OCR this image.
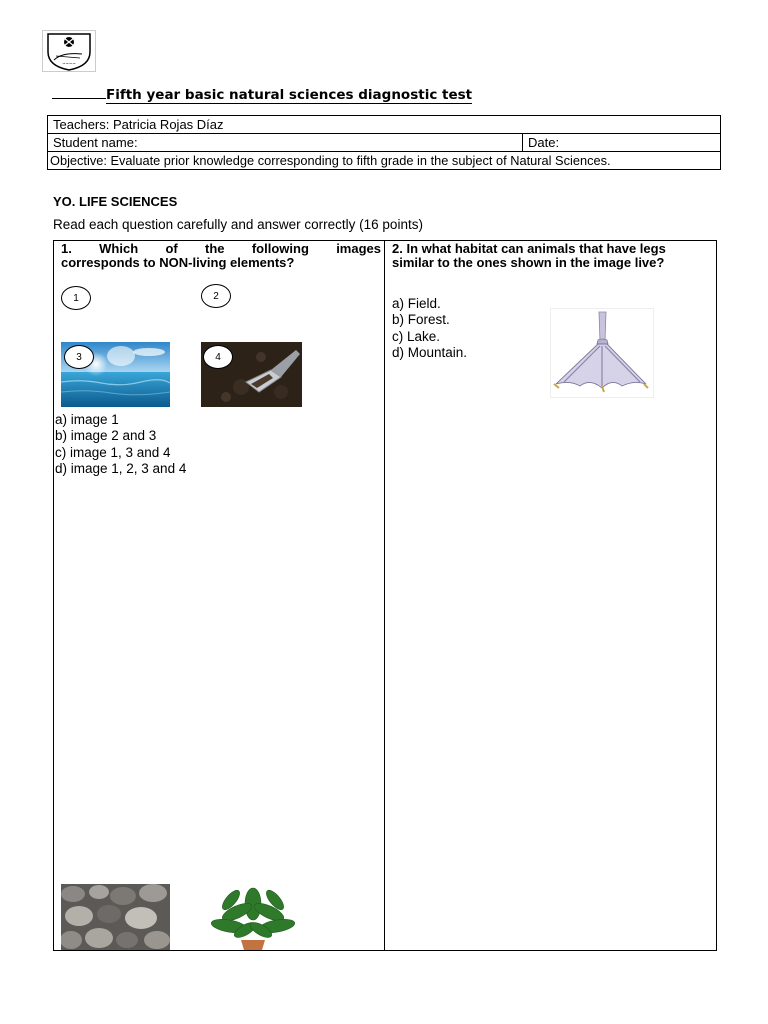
~~~~
Fifth year basic natural sciences diagnostic test
Teachers: Patricia Rojas Díaz
Student name:	Date:
Objective: Evaluate prior knowledge corresponding to fifth grade in the subject of Natural Sciences.
YO. LIFE SCIENCES
Read each question carefully and answer correctly (16 points)
1. Which of the following images
corresponds to NON-living elements?
1	2
3	4
a) image 1
b) image 2 and 3
c) image 1, 3 and 4
d) image 1, 2, 3 and 4
2. In what habitat can animals that have legs
similar to the ones shown in the image live?
a) Field.
b) Forest.
c) Lake.
d) Mountain.
